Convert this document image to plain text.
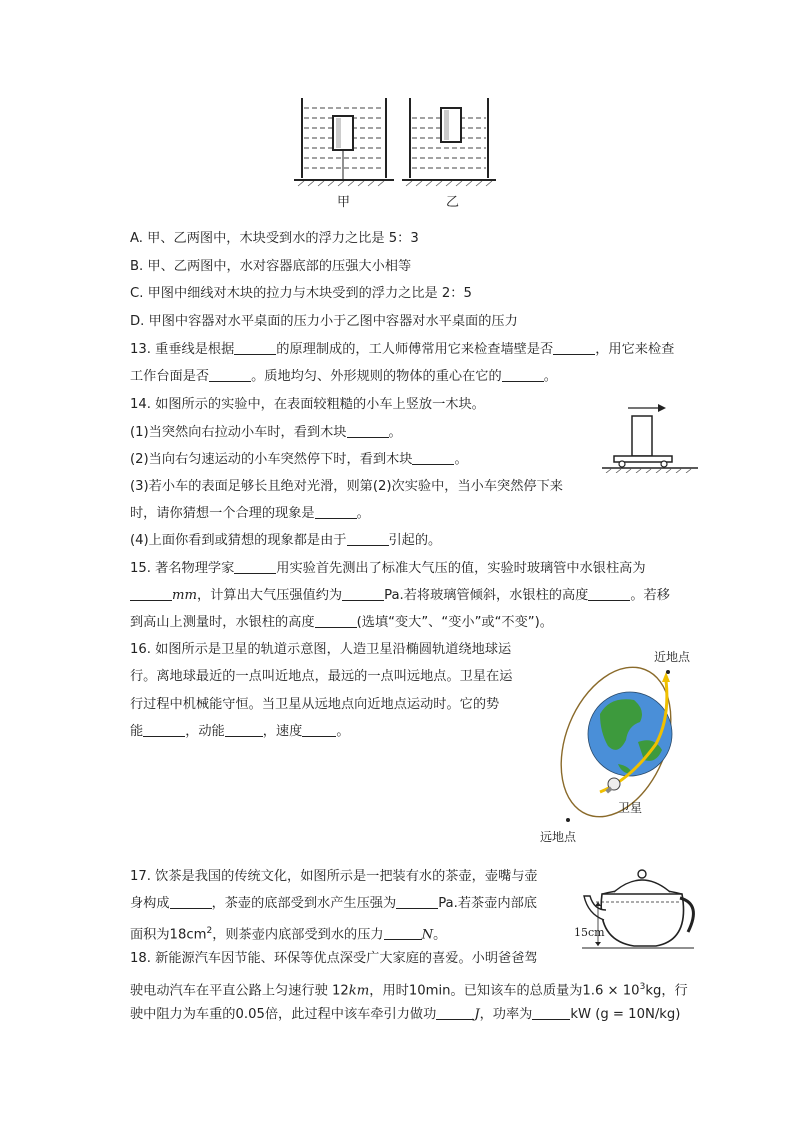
甲	乙
A. 甲、乙两图中，木块受到水的浮力之比是 5：3
B. 甲、乙两图中，水对容器底部的压强大小相等
C. 甲图中细线对木块的拉力与木块受到的浮力之比是 2：5
D. 甲图中容器对水平桌面的压力小于乙图中容器对水平桌面的压力
13. 重垂线是根据	的原理制成的，工人师傅常用它来检查墙壁是否	，用它来检查
工作台面是否	。质地均匀、外形规则的物体的重心在它的	。
14. 如图所示的实验中，在表面较粗糙的小车上竖放一木块。
(1)当突然向右拉动小车时，看到木块	。
(2)当向右匀速运动的小车突然停下时，看到木块	。
(3)若小车的表面足够长且绝对光滑，则第(2)次实验中，当小车突然停下来
时，请你猜想一个合理的现象是	。
(4)上面你看到或猜想的现象都是由于	引起的。
15. 著名物理学家	用实验首先测出了标准大气压的值，实验时玻璃管中水银柱高为
mm，计算出大气压强值约为	Pa.若将玻璃管倾斜，水银柱的高度	。若移
到高山上测量时，水银柱的高度	(选填“变大”、“变小”或“不变”)。
16. 如图所示是卫星的轨道示意图，人造卫星沿椭圆轨道绕地球运
行。离地球最近的一点叫近地点，最远的一点叫远地点。卫星在运
行过程中机械能守恒。当卫星从远地点向近地点运动时。它的势
能	，动能	，速度	。
近地点
卫星
远地点
17. 饮茶是我国的传统文化，如图所示是一把装有水的茶壶，壶嘴与壶
身构成	，茶壶的底部受到水产生压强为	Pa.若茶壶内部底
面积为$18cm^2$，则茶壶内底部受到水的压力	N。	15cm
18. 新能源汽车因节能、环保等优点深受广大家庭的喜爱。小明爸爸驾
驶电动汽车在平直公路上匀速行驶 12km，用时10min。已知该车的总质量为$1.6 \times 10^3kg$，行
驶中阻力为车重的0.05倍，此过程中该车牵引力做功	J，功率为	kW (g = 10N/kg)
